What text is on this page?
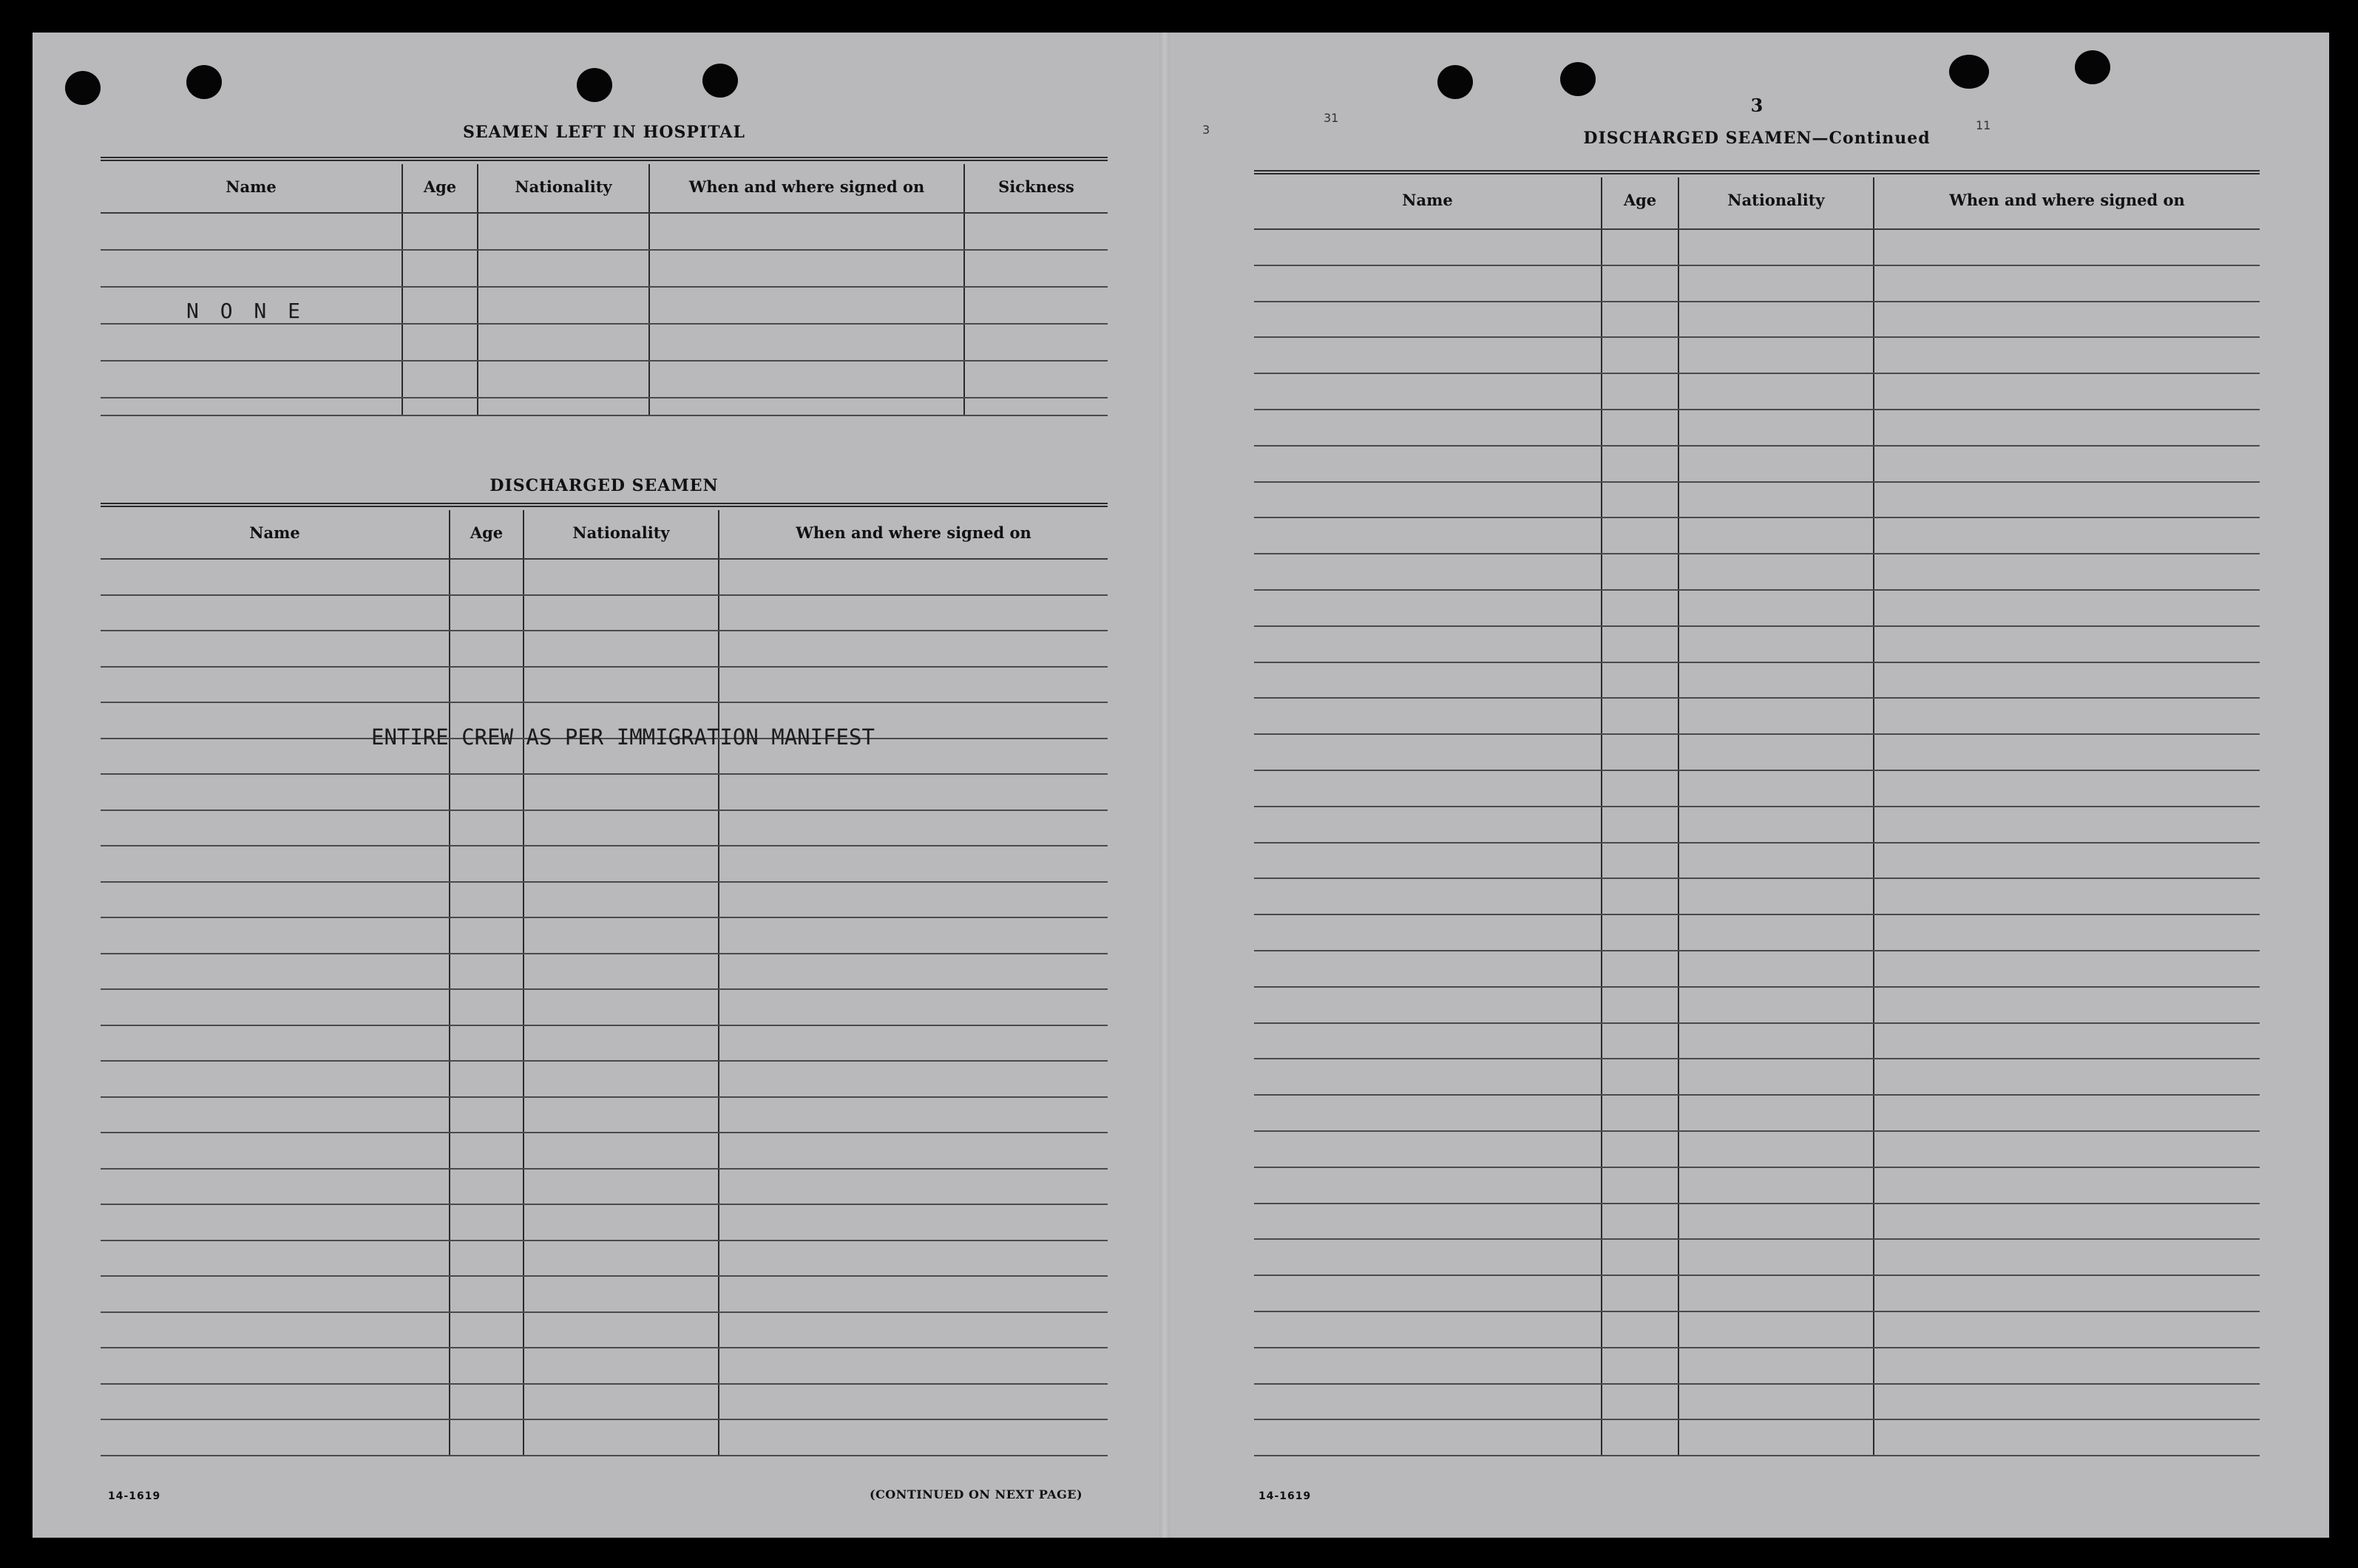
31
3	11
SEAMEN LEFT IN HOSPITAL
Name	Age	Nationality	When and where signed on	Sickness

N O N E
DISCHARGED SEAMEN
Name	Age	Nationality	When and where signed on

ENTIRE CREW AS PER IMMIGRATION MANIFEST
14-1619	(CONTINUED ON NEXT PAGE)
3
DISCHARGED SEAMEN—Continued
Name	Age	Nationality	When and where signed on

14-1619
